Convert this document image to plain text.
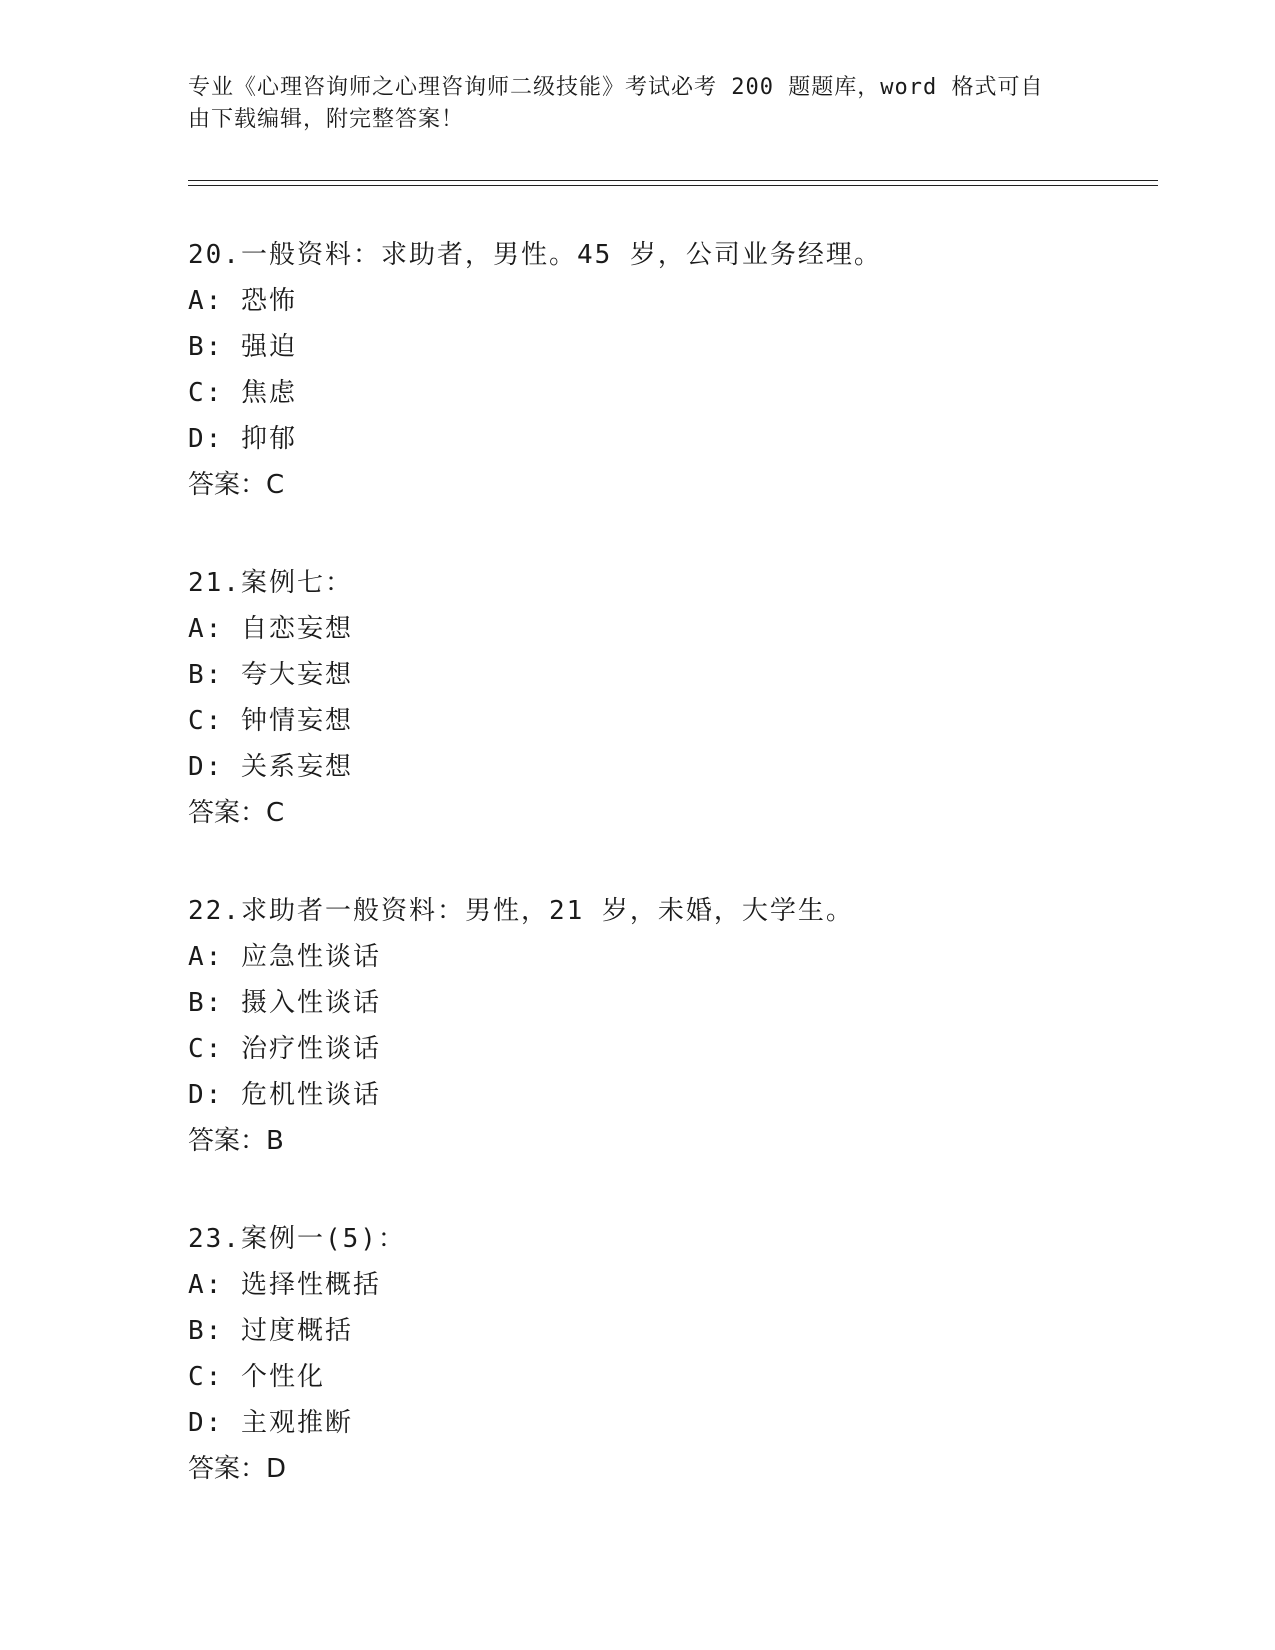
专业《心理咨询师之心理咨询师二级技能》考试必考 200 题题库，word 格式可自
由下载编辑，附完整答案！
20.一般资料：求助者，男性。45 岁，公司业务经理。
A: 恐怖
B: 强迫
C: 焦虑
D: 抑郁
答案：C
21.案例七：
A: 自恋妄想
B: 夸大妄想
C: 钟情妄想
D: 关系妄想
答案：C
22.求助者一般资料：男性，21 岁，未婚，大学生。
A: 应急性谈话
B: 摄入性谈话
C: 治疗性谈话
D: 危机性谈话
答案：B
23.案例一(5)：
A: 选择性概括
B: 过度概括
C: 个性化
D: 主观推断
答案：D
